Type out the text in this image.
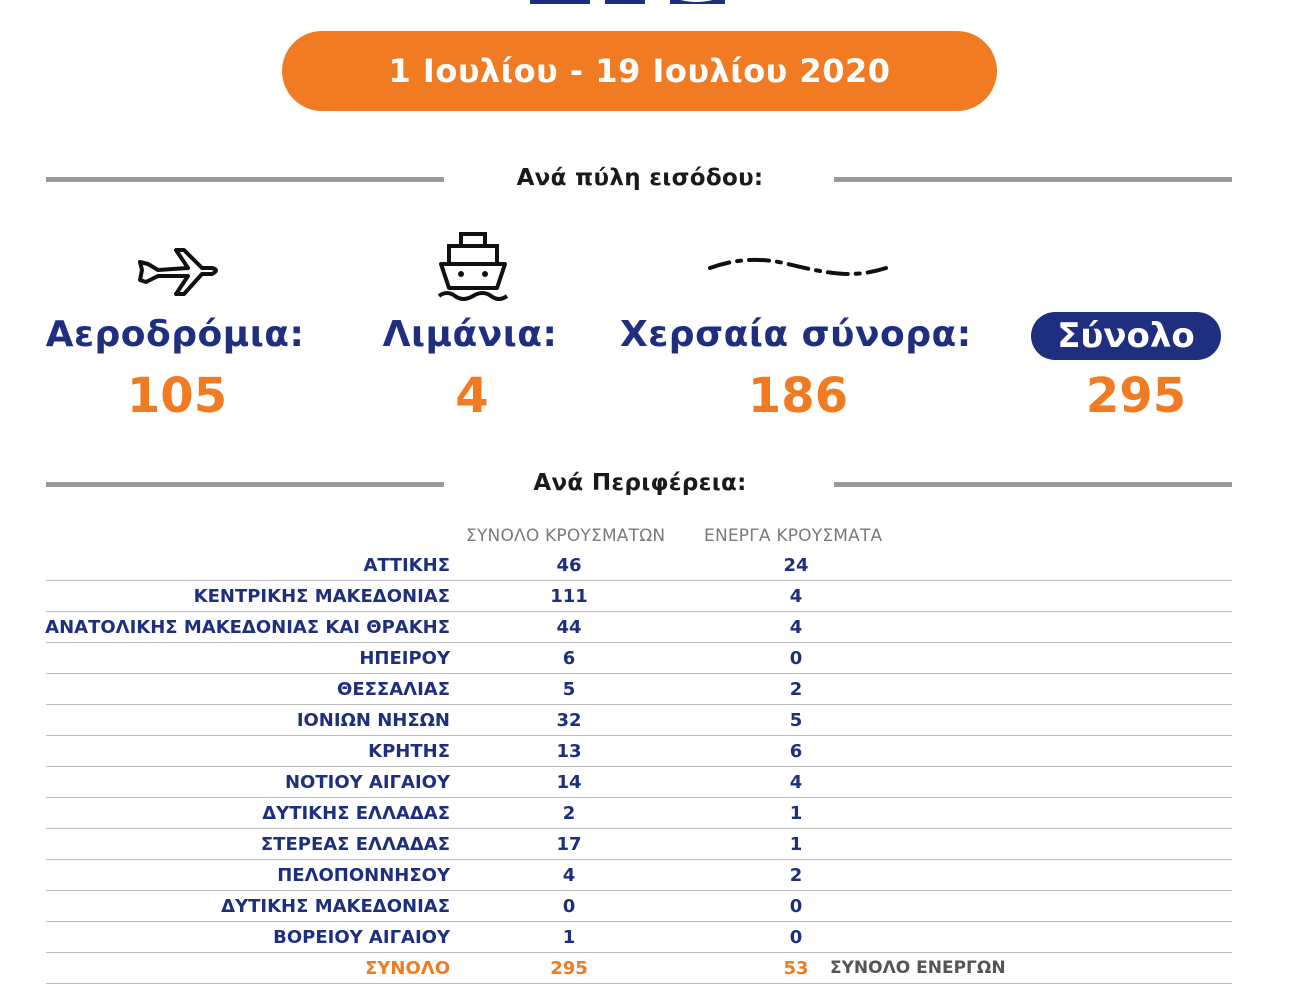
1 Ιουλίου - 19 Ιουλίου 2020
Ανά πύλη εισόδου:
Αεροδρόμια:	Λιμάνια:	Χερσαία σύνορα:	Σύνολο
105	4	186	295
Ανά Περιφέρεια:
ΣΥΝΟΛΟ ΚΡΟΥΣΜΑΤΩΝ ΕΝΕΡΓΑ ΚΡΟΥΣΜΑΤΑ
ΑΤΤΙΚΗΣ	46	24
ΚΕΝΤΡΙΚΗΣ ΜΑΚΕΔΟΝΙΑΣ	111	4
ΑΝΑΤΟΛΙΚΗΣ ΜΑΚΕΔΟΝΙΑΣ ΚΑΙ ΘΡΑΚΗΣ	44	4
ΗΠΕΙΡΟΥ	6	0
ΘΕΣΣΑΛΙΑΣ	5	2
ΙΟΝΙΩΝ ΝΗΣΩΝ	32	5
ΚΡΗΤΗΣ	13	6
ΝΟΤΙΟΥ ΑΙΓΑΙΟΥ	14	4
ΔΥΤΙΚΗΣ ΕΛΛΑΔΑΣ	2	1
ΣΤΕΡΕΑΣ ΕΛΛΑΔΑΣ	17	1
ΠΕΛΟΠΟΝΝΗΣΟΥ	4	2
ΔΥΤΙΚΗΣ ΜΑΚΕΔΟΝΙΑΣ	0	0
ΒΟΡΕΙΟΥ ΑΙΓΑΙΟΥ	1	0
ΣΥΝΟΛΟ	295	53	ΣΥΝΟΛΟ ΕΝΕΡΓΩΝ
